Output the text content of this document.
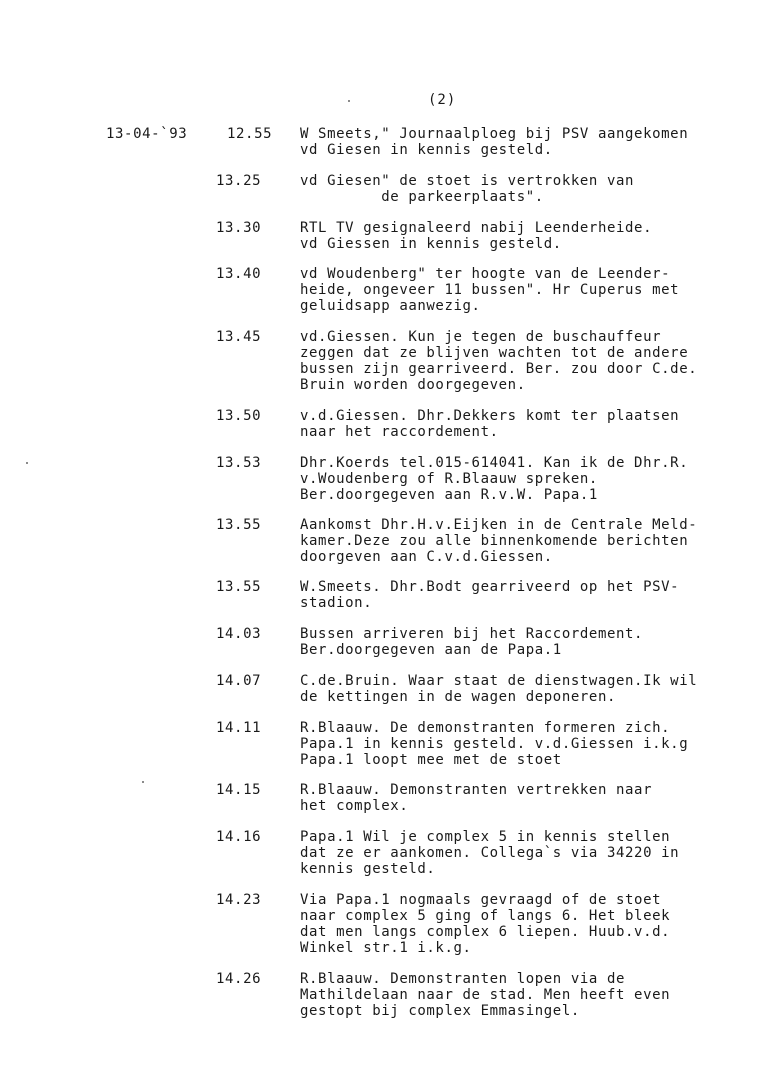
(2)
13-04-`93	12.55 W Smeets," Journaalploeg bij PSV aangekomen
vd Giesen in kennis gesteld.
13.25	vd Giesen" de stoet is vertrokken van
de parkeerplaats".
13.30	RTL TV gesignaleerd nabij Leenderheide.
vd Giessen in kennis gesteld.
13.40	vd Woudenberg" ter hoogte van de Leender-
heide, ongeveer 11 bussen". Hr Cuperus met
geluidsapp aanwezig.
13.45	vd.Giessen. Kun je tegen de buschauffeur
zeggen dat ze blijven wachten tot de andere
bussen zijn gearriveerd. Ber. zou door C.de.
Bruin worden doorgegeven.
13.50	v.d.Giessen. Dhr.Dekkers komt ter plaatsen
naar het raccordement.
13.53	Dhr.Koerds tel.015-614041. Kan ik de Dhr.R.
v.Woudenberg of R.Blaauw spreken.
Ber.doorgegeven aan R.v.W. Papa.1
13.55	Aankomst Dhr.H.v.Eijken in de Centrale Meld-
kamer.Deze zou alle binnenkomende berichten
doorgeven aan C.v.d.Giessen.
13.55	W.Smeets. Dhr.Bodt gearriveerd op het PSV-
stadion.
14.03	Bussen arriveren bij het Raccordement.
Ber.doorgegeven aan de Papa.1
14.07	C.de.Bruin. Waar staat de dienstwagen.Ik wil
de kettingen in de wagen deponeren.
14.11	R.Blaauw. De demonstranten formeren zich.
Papa.1 in kennis gesteld. v.d.Giessen i.k.g
Papa.1 loopt mee met de stoet
14.15	R.Blaauw. Demonstranten vertrekken naar
het complex.
14.16	Papa.1 Wil je complex 5 in kennis stellen
dat ze er aankomen. Collega`s via 34220 in
kennis gesteld.
14.23	Via Papa.1 nogmaals gevraagd of de stoet
naar complex 5 ging of langs 6. Het bleek
dat men langs complex 6 liepen. Huub.v.d.
Winkel str.1 i.k.g.
14.26	R.Blaauw. Demonstranten lopen via de
Mathildelaan naar de stad. Men heeft even
gestopt bij complex Emmasingel.
